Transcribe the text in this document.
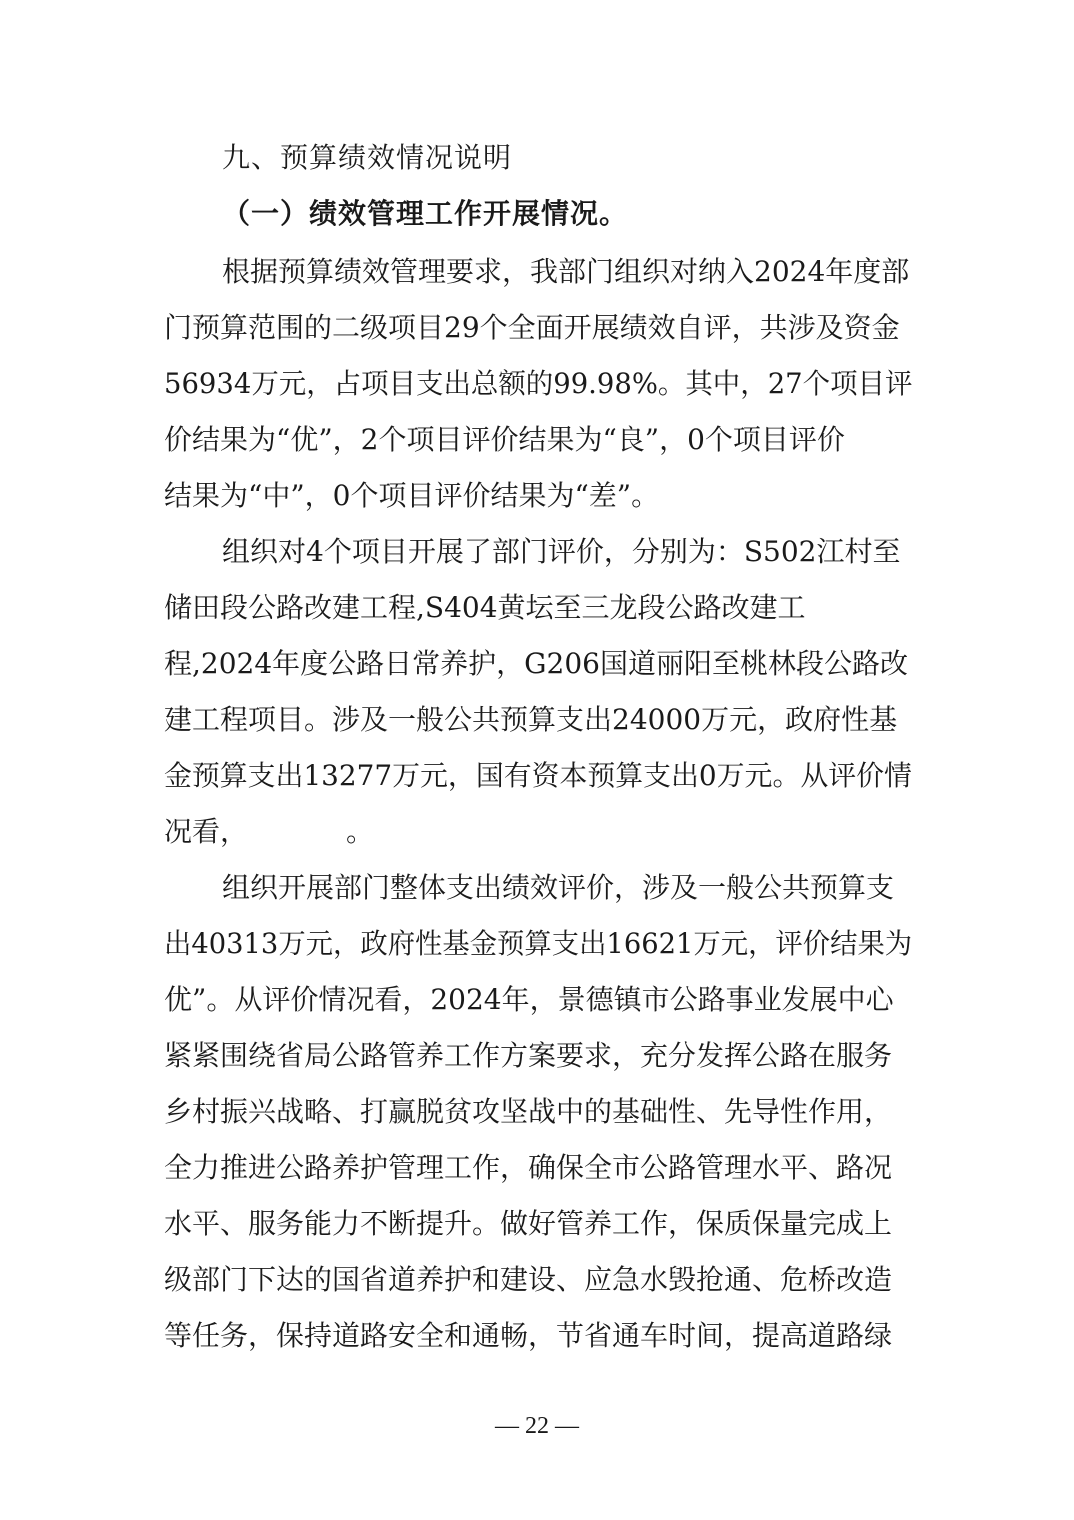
九、预算绩效情况说明
（一）绩效管理工作开展情况。
根据预算绩效管理要求，我部门组织对纳入2024年度部
门预算范围的二级项目29个全面开展绩效自评，共涉及资金
56934万元，占项目支出总额的99.98%。其中，27个项目评
价结果为“优”，2个项目评价结果为“良”，0个项目评价
结果为“中”，0个项目评价结果为“差”。
组织对4个项目开展了部门评价，分别为：S502江村至
储田段公路改建工程,S404黄坛至三龙段公路改建工
程,2024年度公路日常养护，G206国道丽阳至桃林段公路改
建工程项目。涉及一般公共预算支出24000万元，政府性基
金预算支出13277万元，国有资本预算支出0万元。从评价情
况看，　　　　。
组织开展部门整体支出绩效评价，涉及一般公共预算支
出40313万元，政府性基金预算支出16621万元，评价结果为
优”。从评价情况看，2024年，景德镇市公路事业发展中心
紧紧围绕省局公路管养工作方案要求，充分发挥公路在服务
乡村振兴战略、打赢脱贫攻坚战中的基础性、先导性作用，
全力推进公路养护管理工作，确保全市公路管理水平、路况
水平、服务能力不断提升。做好管养工作，保质保量完成上
级部门下达的国省道养护和建设、应急水毁抢通、危桥改造
等任务，保持道路安全和通畅，节省通车时间，提高道路绿
— 22 —
